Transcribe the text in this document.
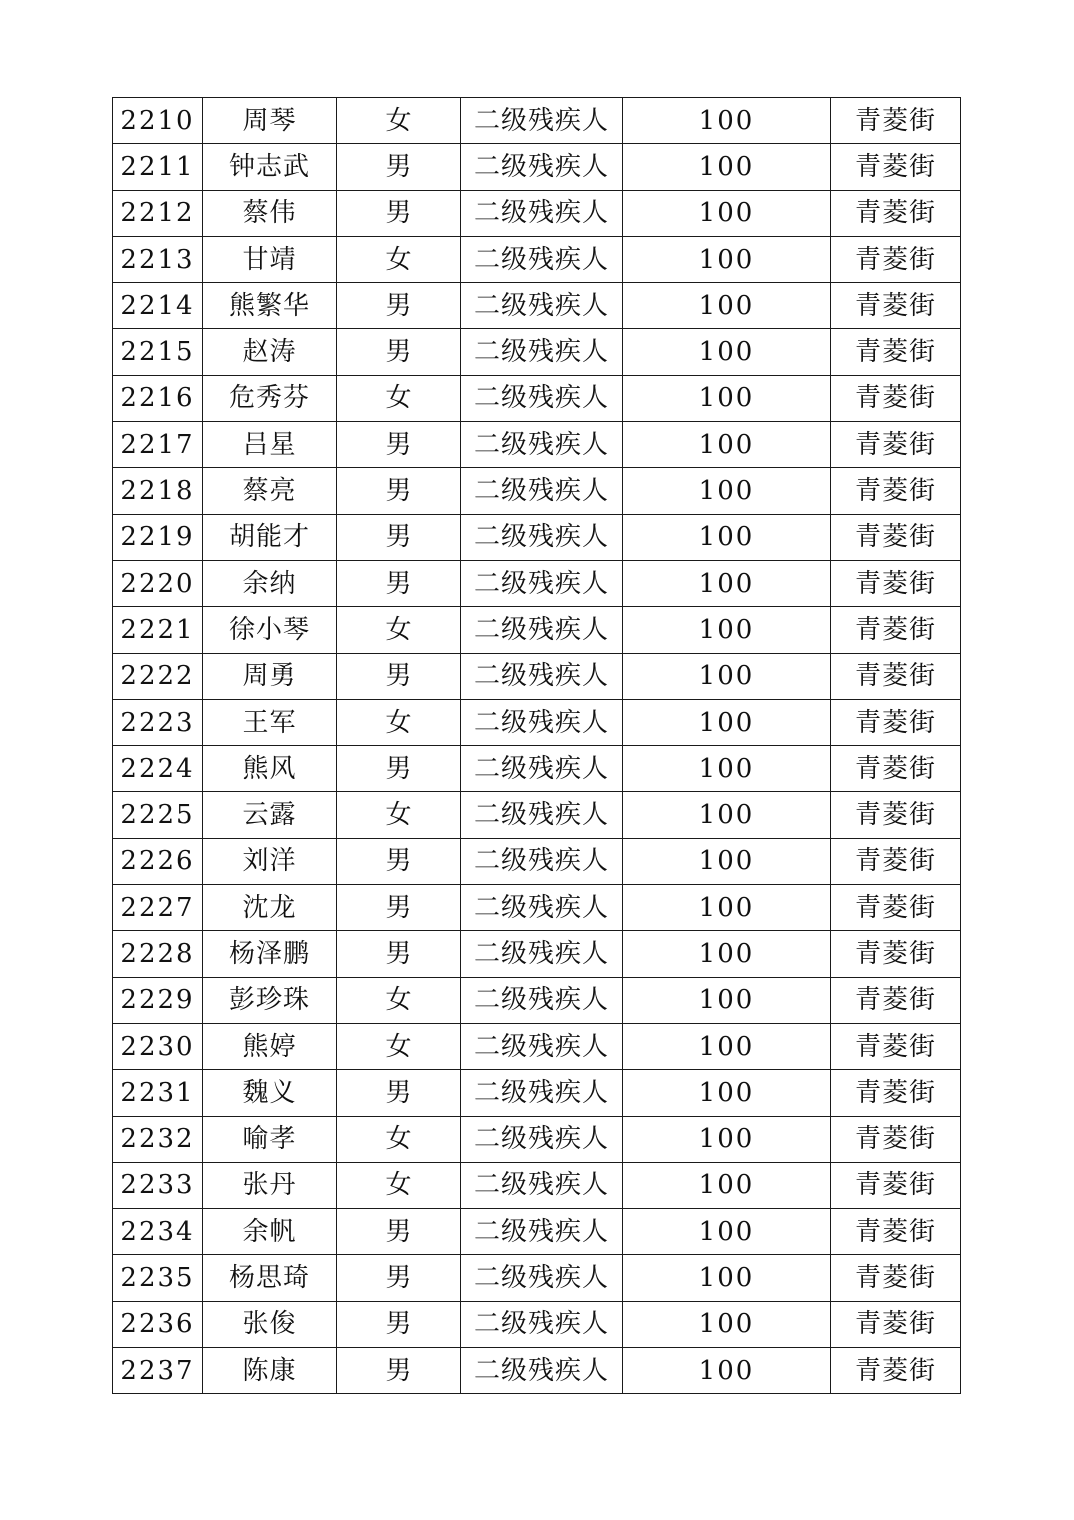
2210	周琴	女	二级残疾人	100	青菱街
2211	钟志武	男	二级残疾人	100	青菱街
2212	蔡伟	男	二级残疾人	100	青菱街
2213	甘靖	女	二级残疾人	100	青菱街
2214	熊繁华	男	二级残疾人	100	青菱街
2215	赵涛	男	二级残疾人	100	青菱街
2216	危秀芬	女	二级残疾人	100	青菱街
2217	吕星	男	二级残疾人	100	青菱街
2218	蔡亮	男	二级残疾人	100	青菱街
2219	胡能才	男	二级残疾人	100	青菱街
2220	余纳	男	二级残疾人	100	青菱街
2221	徐小琴	女	二级残疾人	100	青菱街
2222	周勇	男	二级残疾人	100	青菱街
2223	王军	女	二级残疾人	100	青菱街
2224	熊风	男	二级残疾人	100	青菱街
2225	云露	女	二级残疾人	100	青菱街
2226	刘洋	男	二级残疾人	100	青菱街
2227	沈龙	男	二级残疾人	100	青菱街
2228	杨泽鹏	男	二级残疾人	100	青菱街
2229	彭珍珠	女	二级残疾人	100	青菱街
2230	熊婷	女	二级残疾人	100	青菱街
2231	魏义	男	二级残疾人	100	青菱街
2232	喻孝	女	二级残疾人	100	青菱街
2233	张丹	女	二级残疾人	100	青菱街
2234	余帆	男	二级残疾人	100	青菱街
2235	杨思琦	男	二级残疾人	100	青菱街
2236	张俊	男	二级残疾人	100	青菱街
2237	陈康	男	二级残疾人	100	青菱街
